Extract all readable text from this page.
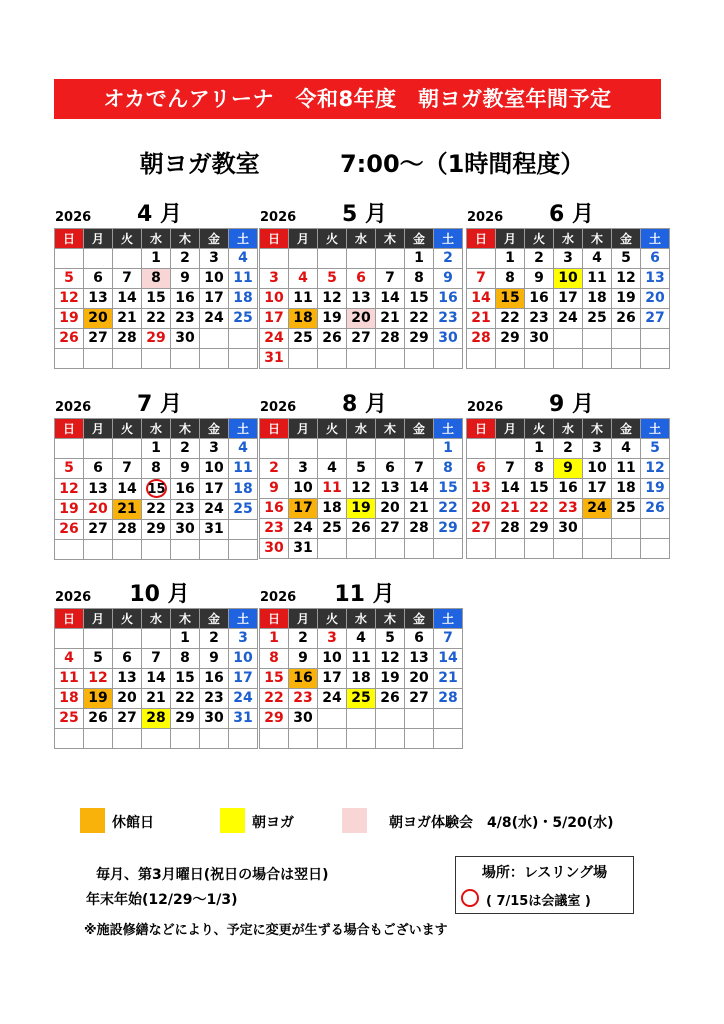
オカでんアリーナ　令和8年度　朝ヨガ教室年間予定
朝ヨガ教室　　　 7:00～（1時間程度）
2026	4 月
日	月	火	水	木	金	土
			1	2	3	4
5	6	7	8	9	10	11
12	13	14	15	16	17	18
19	20	21	22	23	24	25
26	27	28	29	30		

2026	5 月
日	月	火	水	木	金	土
					1	2
3	4	5	6	7	8	9
10	11	12	13	14	15	16
17	18	19	20	21	22	23
24	25	26	27	28	29	30
31						
2026	6 月
日	月	火	水	木	金	土
	1	2	3	4	5	6
7	8	9	10	11	12	13
14	15	16	17	18	19	20
21	22	23	24	25	26	27
28	29	30				

2026	7 月
日	月	火	水	木	金	土
			1	2	3	4
5	6	7	8	9	10	11
12	13	14	15	16	17	18
19	20	21	22	23	24	25
26	27	28	29	30	31	

2026	8 月
日	月	火	水	木	金	土
						1
2	3	4	5	6	7	8
9	10	11	12	13	14	15
16	17	18	19	20	21	22
23	24	25	26	27	28	29
30	31					
2026	9 月
日	月	火	水	木	金	土
		1	2	3	4	5
6	7	8	9	10	11	12
13	14	15	16	17	18	19
20	21	22	23	24	25	26
27	28	29	30			

2026	10 月
日	月	火	水	木	金	土
				1	2	3
4	5	6	7	8	9	10
11	12	13	14	15	16	17
18	19	20	21	22	23	24
25	26	27	28	29	30	31

2026	11 月
日	月	火	水	木	金	土
1	2	3	4	5	6	7
8	9	10	11	12	13	14
15	16	17	18	19	20	21
22	23	24	25	26	27	28
29	30					

休館日	朝ヨガ	朝ヨガ体験会　4/8(水)・5/20(水)
毎月、第3月曜日(祝日の場合は翌日)
年末年始(12/29～1/3)
※施設修繕などにより、予定に変更が生ずる場合もございます
場所：レスリング場
( 7/15は会議室 )
